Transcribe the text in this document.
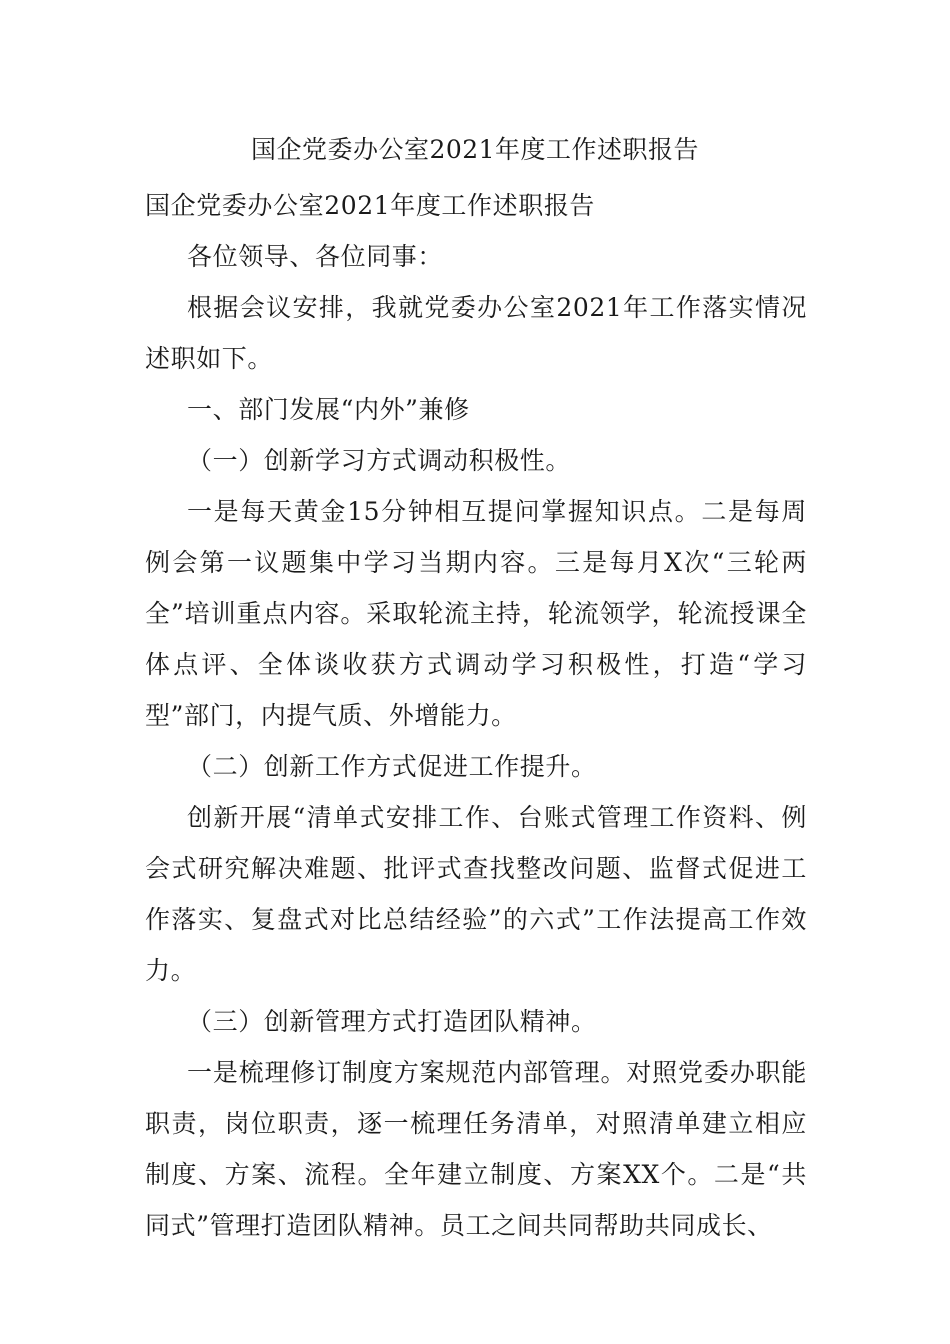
国企党委办公室2021年度工作述职报告

国企党委办公室2021年度工作述职报告

各位领导、各位同事：

根据会议安排，我就党委办公室2021年工作落实情况述职如下。

一、部门发展“内外”兼修

（一）创新学习方式调动积极性。

一是每天黄金15分钟相互提问掌握知识点。二是每周例会第一议题集中学习当期内容。三是每月X次“三轮两全”培训重点内容。采取轮流主持，轮流领学，轮流授课全体点评、全体谈收获方式调动学习积极性，打造“学习型”部门，内提气质、外增能力。

（二）创新工作方式促进工作提升。

创新开展“清单式安排工作、台账式管理工作资料、例会式研究解决难题、批评式查找整改问题、监督式促进工作落实、复盘式对比总结经验”的六式”工作法提高工作效力。

（三）创新管理方式打造团队精神。

一是梳理修订制度方案规范内部管理。对照党委办职能职责，岗位职责，逐一梳理任务清单，对照清单建立相应制度、方案、流程。全年建立制度、方案XX个。二是“共同式”管理打造团队精神。员工之间共同帮助共同成长、
